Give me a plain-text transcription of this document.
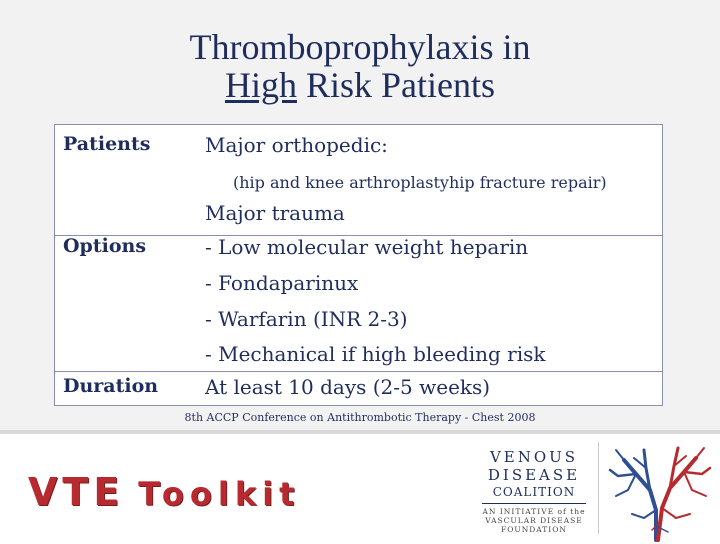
Thromboprophylaxis in
High Risk Patients
Patients
Options
Duration
Major orthopedic:
(hip and knee arthroplastyhip fracture repair)
Major trauma
- Low molecular weight heparin
- Fondaparinux
- Warfarin (INR 2-3)
- Mechanical if high bleeding risk
At least 10 days (2-5 weeks)
8th ACCP Conference on Antithrombotic Therapy - Chest 2008
VTE Toolkit
VENOUS
DISEASE
COALITION
AN INITIATIVE of the
VASCULAR DISEASE
FOUNDATION
